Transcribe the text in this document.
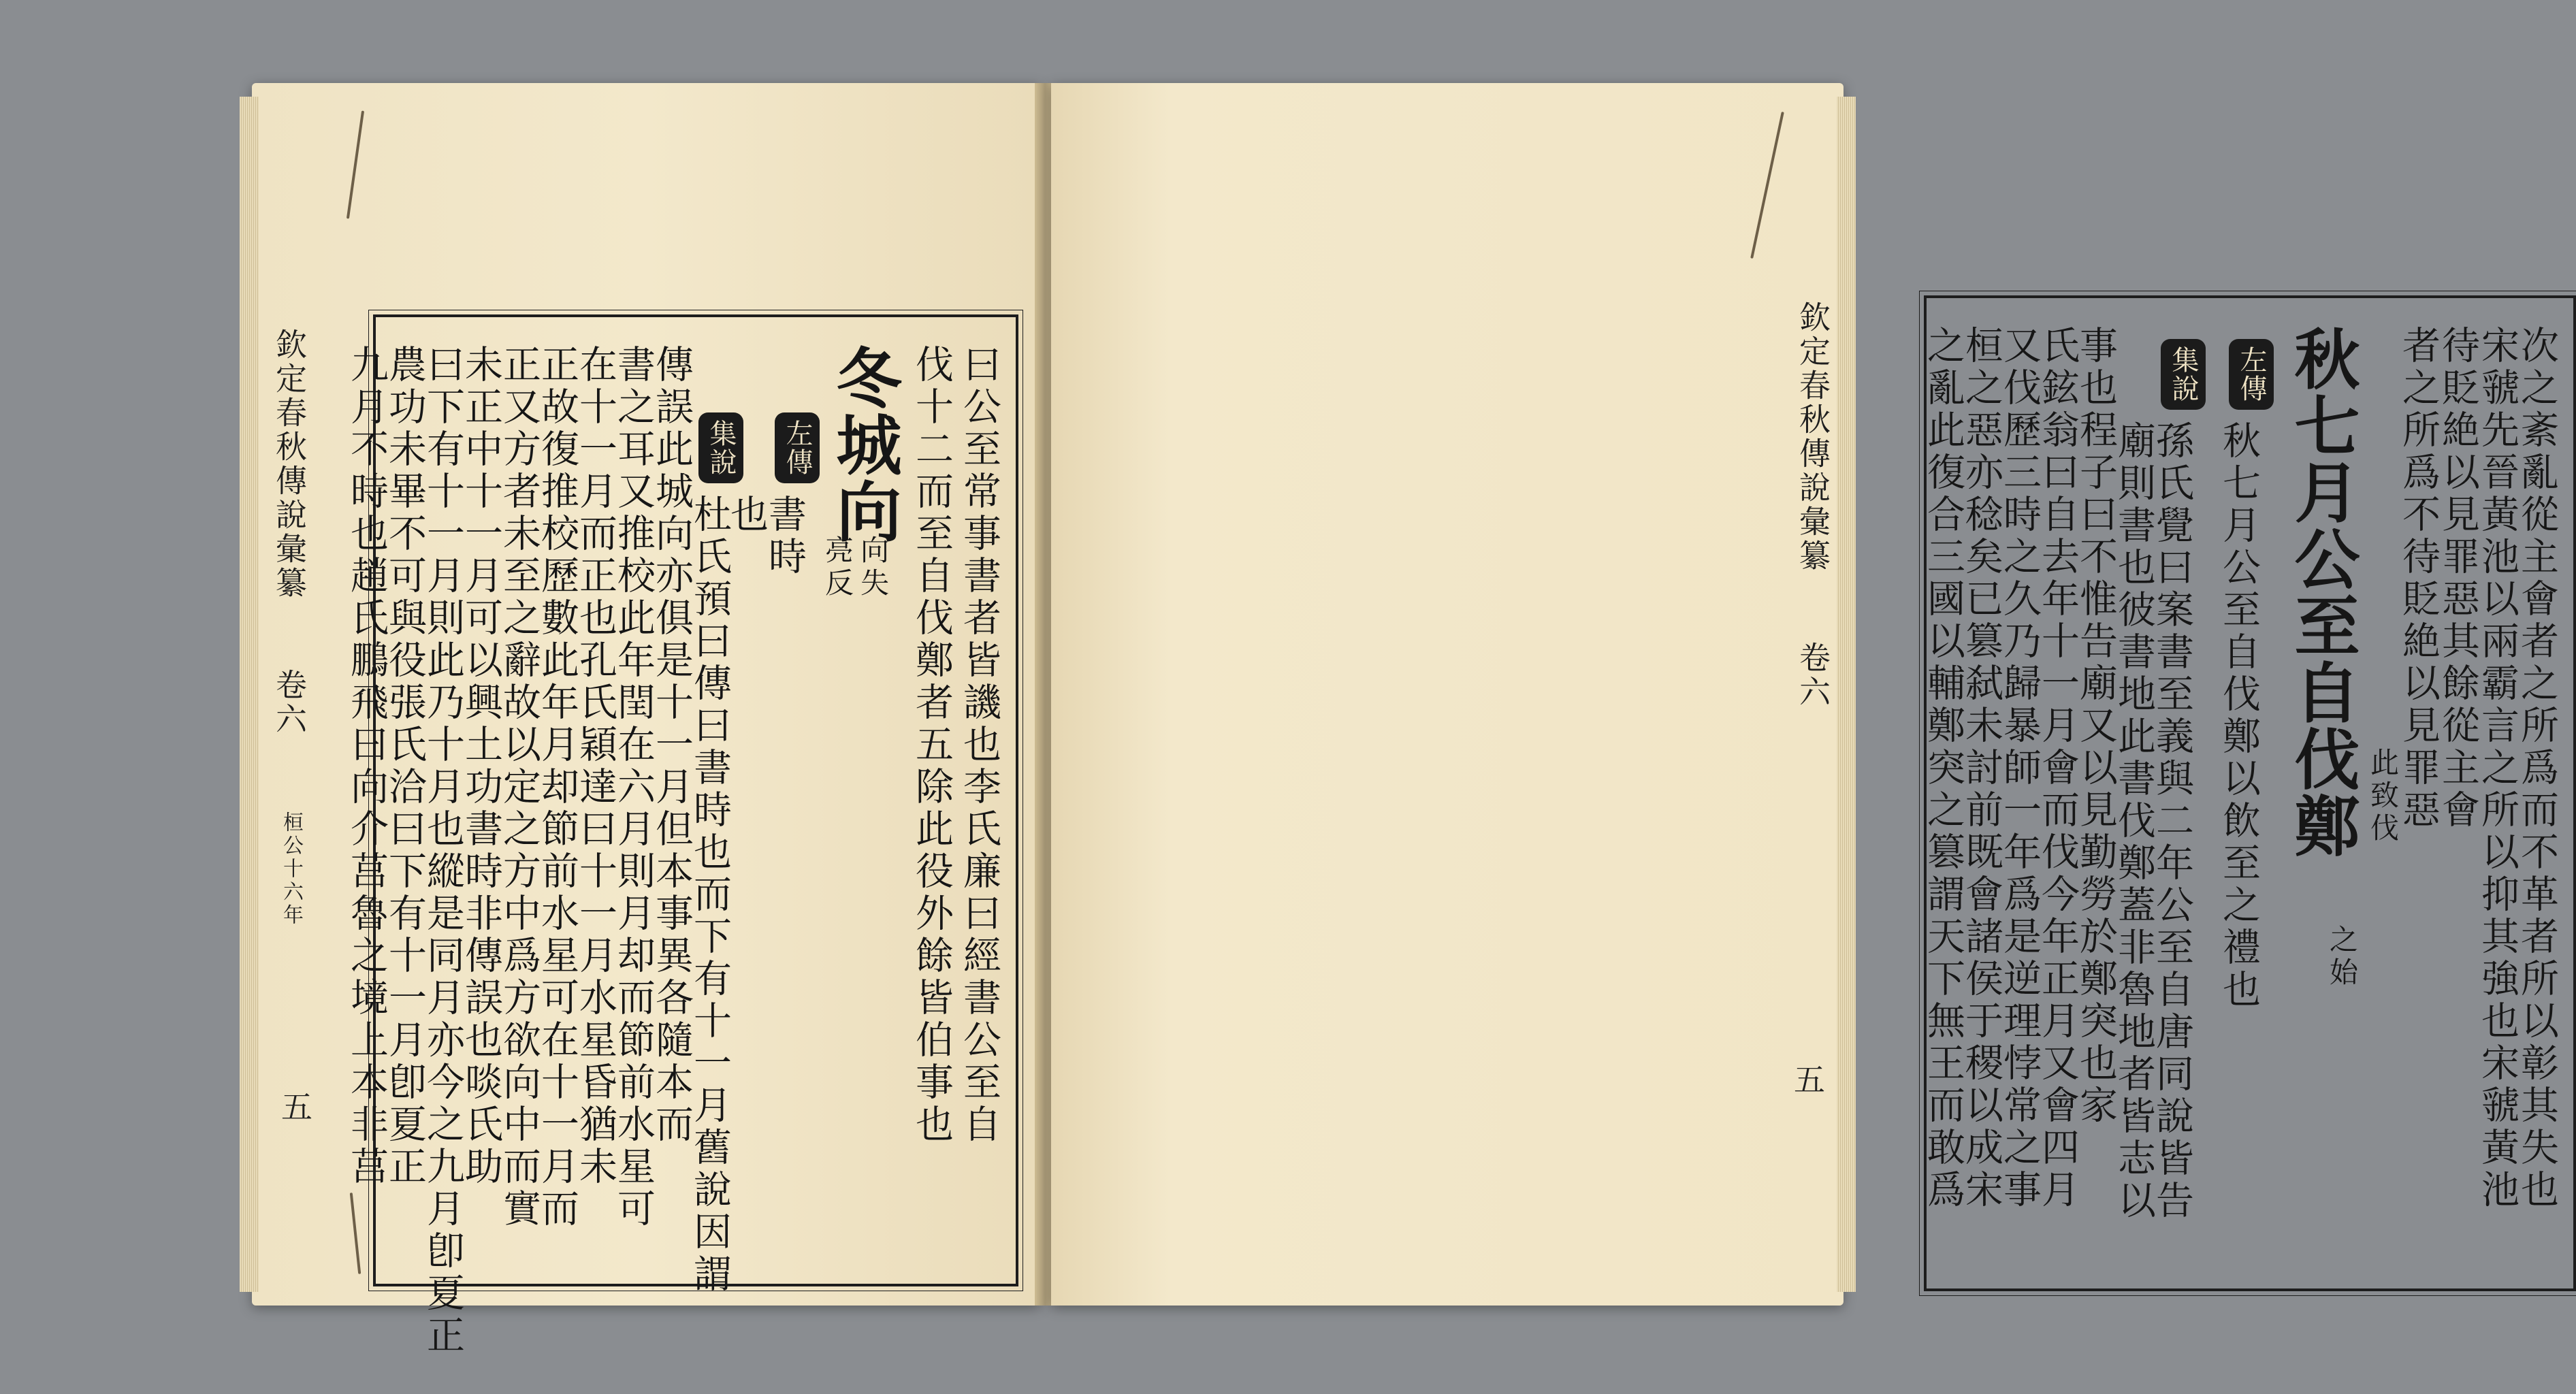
欽定春秋傳說彙纂
卷六
桓公十六年
五	曰公至常事書者皆譏也李氏廉曰經書公至自
伐十二而至自伐鄭者五除此役外餘皆伯事也
冬城向
向失
亮反
左傳
書時
也
集說
杜氏預曰傳曰書時也而下有十一月舊說因謂
傳誤此城向亦俱是十一月但本事異各隨本而
書之耳又推校此年閏在六月則月却而節前水星可
在十一月而正也孔氏穎達曰十一月水星昏猶未
正故復推校歷數此年月却節前水星可在十一月而
正又方者未至之辭故以定之方中爲方欲向中而實
未正中十一月可以興土功書時非傳誤也啖氏助
曰下有十一月則此乃十月也縱是同月亦今之九月卽夏正
農功未畢不可與役張氏洽曰下有十一月卽夏正
九月不時也趙氏鵬飛曰向介莒魯之境上本非莒	欽定春秋傳說彙纂
卷六
五	次之紊亂從主會者之所爲而不革者所以彰其失也
宋虢先晉黃池以兩霸言之所以抑其強也宋虢黃池
待貶絶以見罪惡其餘從主會
者之所爲不待貶絶以見罪惡
此致伐
秋七月公至自伐鄭
之始
左傳
秋七月公至自伐鄭以飲至之禮也
集說
孫氏覺曰案書至義與二年公至自唐同說皆告
廟則書也彼書地此書伐鄭蓋非魯地者皆志以
事也程子曰不惟告廟又以見勤勞於鄭突也家
氏鉉翁曰自去年十一月會而伐今年正月又會四月
又伐歷三時之久乃歸暴師一年爲是逆理悖常之事
桓之惡亦稔矣已篡弑未討前既會諸侯于稷以成宋
之亂此復合三國以輔鄭突之篡謂天下無王而敢爲
